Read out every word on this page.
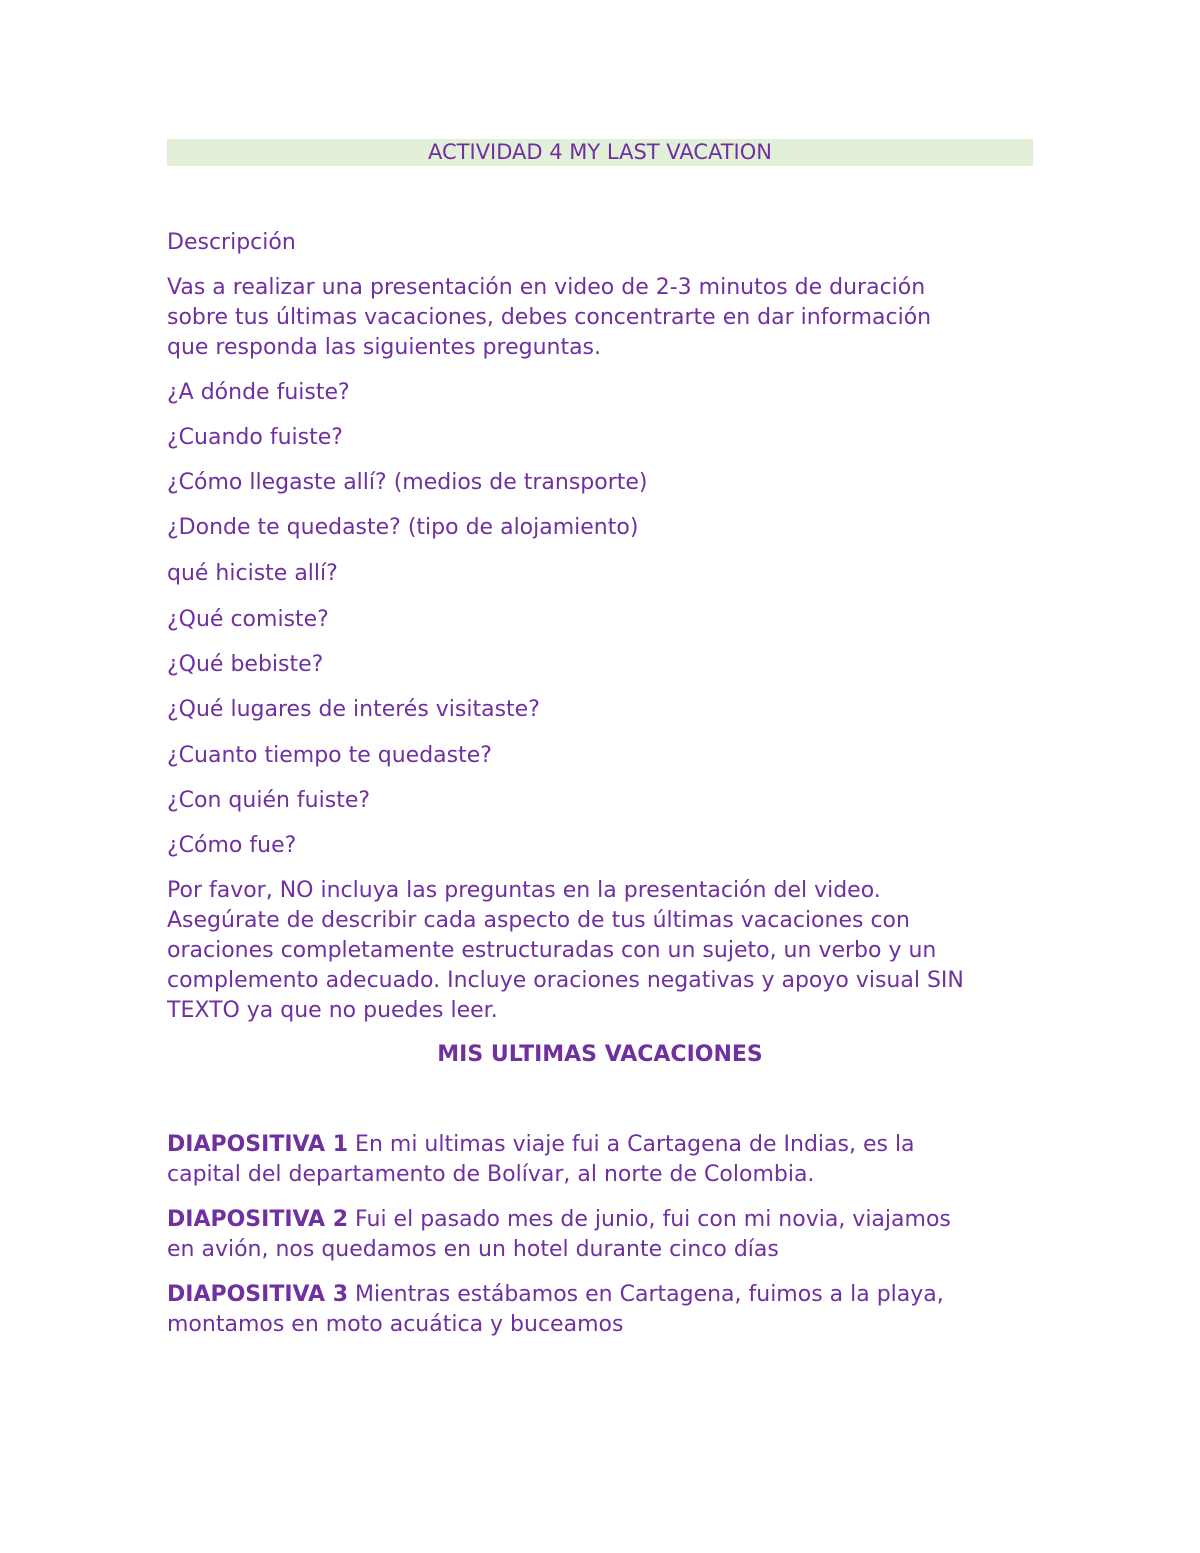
ACTIVIDAD 4 MY LAST VACATION
Descripción
Vas a realizar una presentación en video de 2-3 minutos de duración
sobre tus últimas vacaciones, debes concentrarte en dar información
que responda las siguientes preguntas.
¿A dónde fuiste?
¿Cuando fuiste?
¿Cómo llegaste allí? (medios de transporte)
¿Donde te quedaste? (tipo de alojamiento)
qué hiciste allí?
¿Qué comiste?
¿Qué bebiste?
¿Qué lugares de interés visitaste?
¿Cuanto tiempo te quedaste?
¿Con quién fuiste?
¿Cómo fue?
Por favor, NO incluya las preguntas en la presentación del video.
Asegúrate de describir cada aspecto de tus últimas vacaciones con
oraciones completamente estructuradas con un sujeto, un verbo y un
complemento adecuado. Incluye oraciones negativas y apoyo visual SIN
TEXTO ya que no puedes leer.
MIS ULTIMAS VACACIONES
DIAPOSITIVA 1 En mi ultimas viaje fui a Cartagena de Indias, es la
capital del departamento de Bolívar, al norte de Colombia.
DIAPOSITIVA 2 Fui el pasado mes de junio, fui con mi novia, viajamos
en avión, nos quedamos en un hotel durante cinco días
DIAPOSITIVA 3 Mientras estábamos en Cartagena, fuimos a la playa,
montamos en moto acuática y buceamos
